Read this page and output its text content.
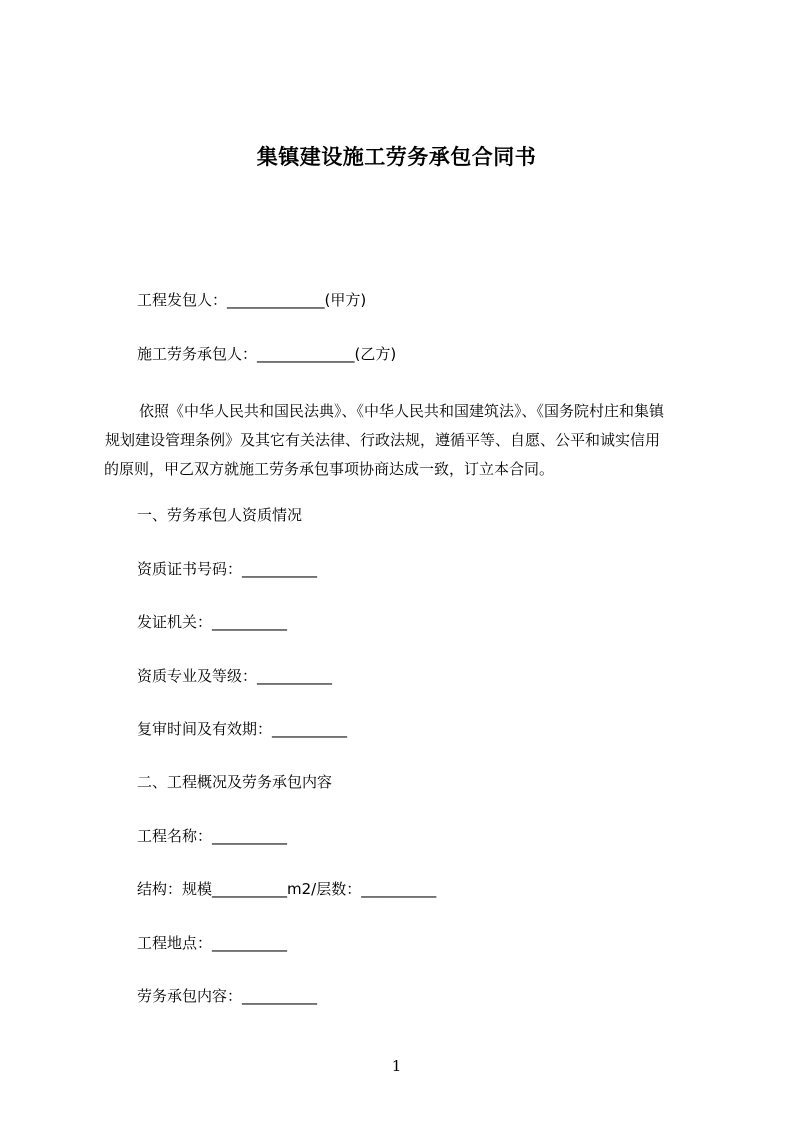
集镇建设施工劳务承包合同书
工程发包人：_____________(甲方)
施工劳务承包人：_____________(乙方)
依照《中华人民共和国民法典》、《中华人民共和国建筑法》、《国务院村庄和集镇
规划建设管理条例》及其它有关法律、行政法规，遵循平等、自愿、公平和诚实信用
的原则，甲乙双方就施工劳务承包事项协商达成一致，订立本合同。
一、劳务承包人资质情况
资质证书号码：__________
发证机关：__________
资质专业及等级：__________
复审时间及有效期：__________
二、工程概况及劳务承包内容
工程名称：__________
结构：规模__________m2/层数：__________
工程地点：__________
劳务承包内容：__________
1
